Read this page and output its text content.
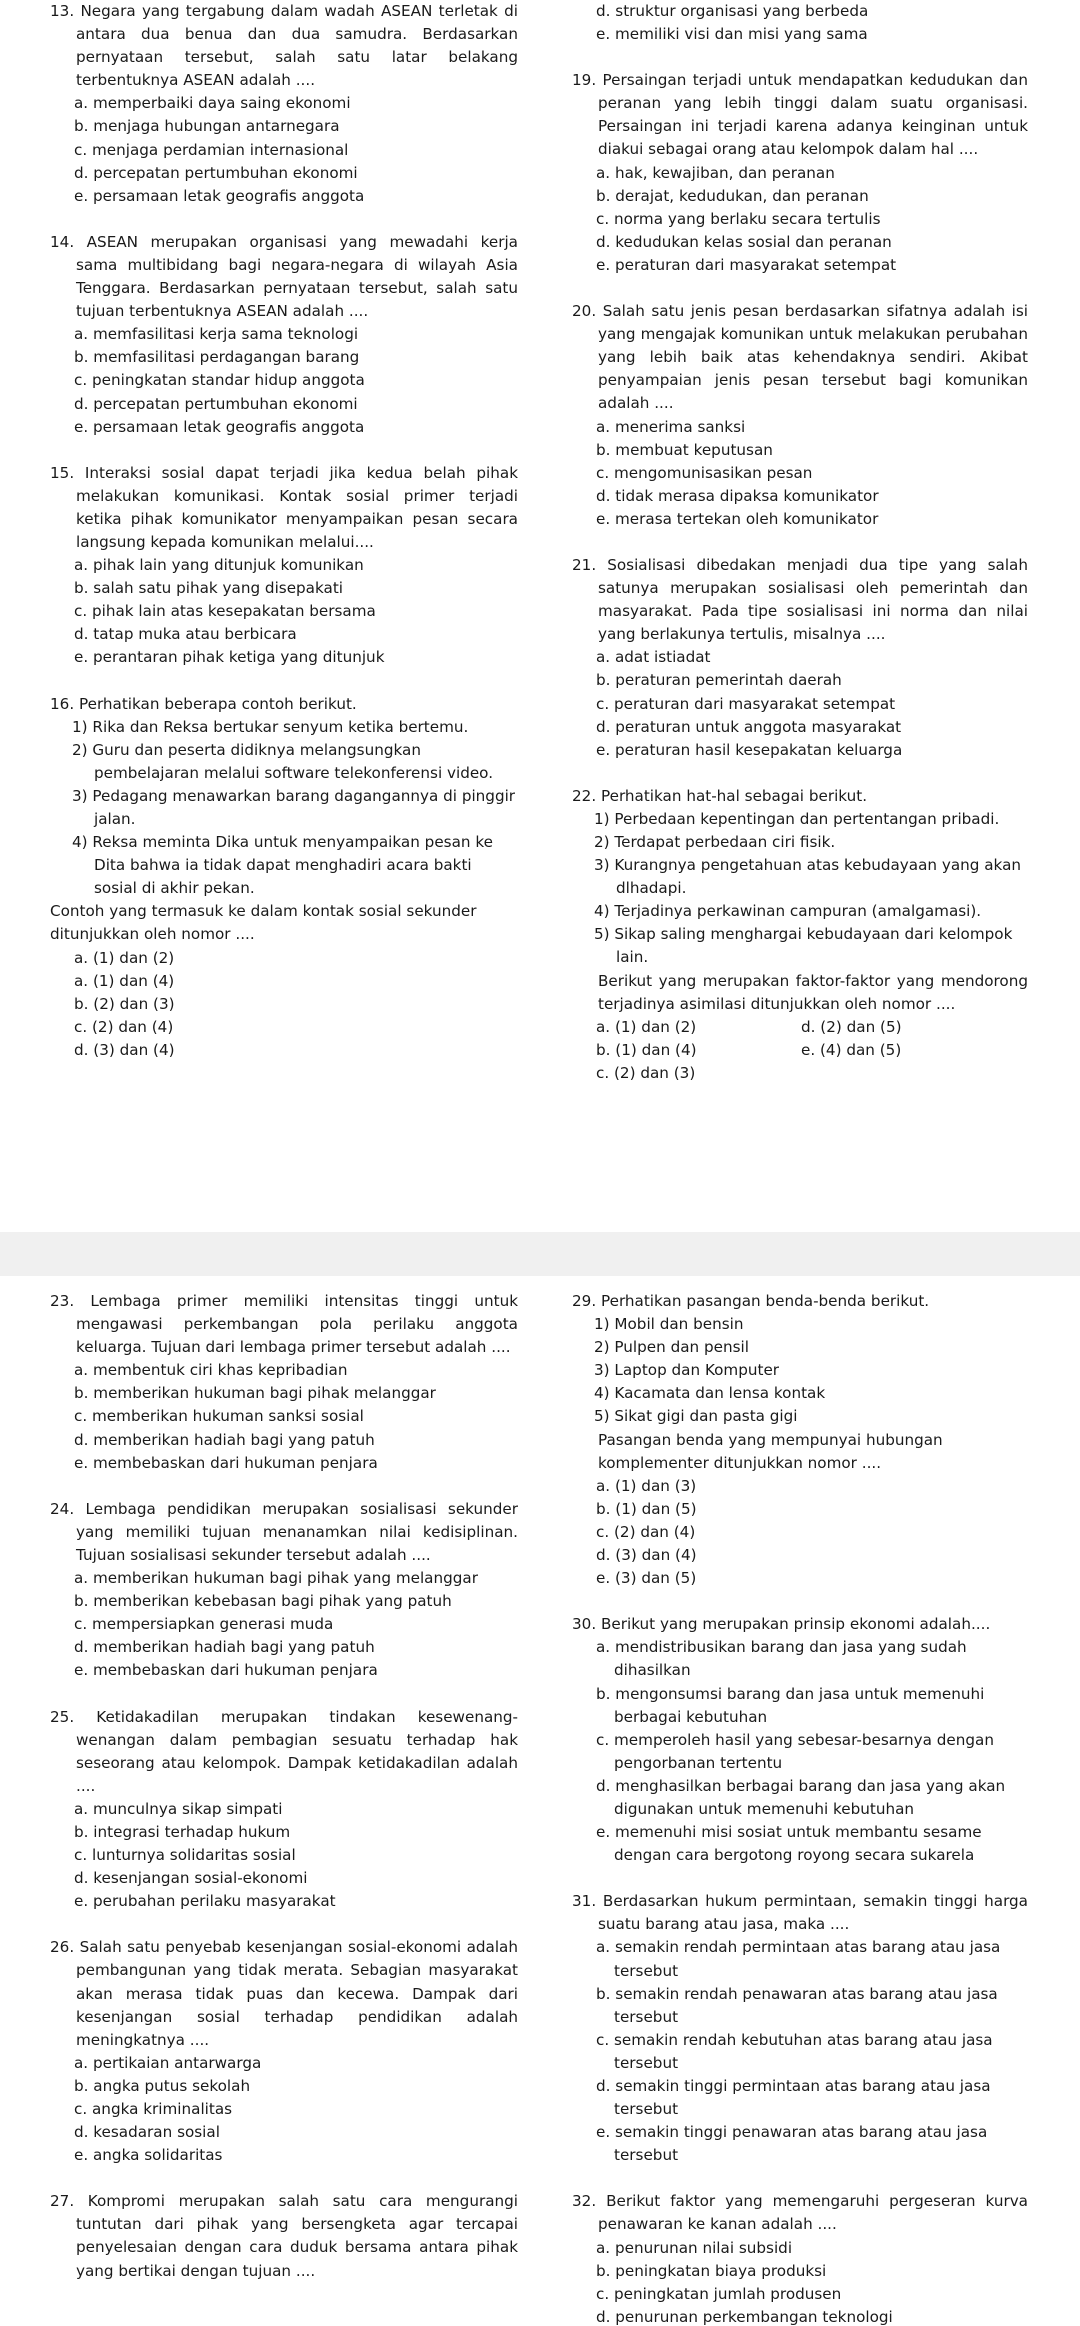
13. Negara yang tergabung dalam wadah ASEAN terletak di antara dua benua dan dua samudra. Berdasarkan pernyataan tersebut, salah satu latar belakang terbentuknya ASEAN adalah ....
a. memperbaiki daya saing ekonomi
b. menjaga hubungan antarnegara
c. menjaga perdamian internasional
d. percepatan pertumbuhan ekonomi
e. persamaan letak geografis anggota
14. ASEAN merupakan organisasi yang mewadahi kerja sama multibidang bagi negara-negara di wilayah Asia Tenggara. Berdasarkan pernyataan tersebut, salah satu tujuan terbentuknya ASEAN adalah ....
a. memfasilitasi kerja sama teknologi
b. memfasilitasi perdagangan barang
c. peningkatan standar hidup anggota
d. percepatan pertumbuhan ekonomi
e. persamaan letak geografis anggota
15. Interaksi sosial dapat terjadi jika kedua belah pihak melakukan komunikasi. Kontak sosial primer terjadi ketika pihak komunikator menyampaikan pesan secara langsung kepada komunikan melalui....
a. pihak lain yang ditunjuk komunikan
b. salah satu pihak yang disepakati
c. pihak lain atas kesepakatan bersama
d. tatap muka atau berbicara
e. perantaran pihak ketiga yang ditunjuk
16. Perhatikan beberapa contoh berikut.
1) Rika dan Reksa bertukar senyum ketika bertemu.
2) Guru dan peserta didiknya melangsungkan pembelajaran melalui software telekonferensi video.
3) Pedagang menawarkan barang dagangannya di pinggir jalan.
4) Reksa meminta Dika untuk menyampaikan pesan ke Dita bahwa ia tidak dapat menghadiri acara bakti sosial di akhir pekan.
Contoh yang termasuk ke dalam kontak sosial sekunder ditunjukkan oleh nomor ....
a. (1) dan (2)
a. (1) dan (4)
b. (2) dan (3)
c. (2) dan (4)
d. (3) dan (4)
d. struktur organisasi yang berbeda
e. memiliki visi dan misi yang sama
19. Persaingan terjadi untuk mendapatkan kedudukan dan peranan yang lebih tinggi dalam suatu organisasi. Persaingan ini terjadi karena adanya keinginan untuk diakui sebagai orang atau kelompok dalam hal ....
a. hak, kewajiban, dan peranan
b. derajat, kedudukan, dan peranan
c. norma yang berlaku secara tertulis
d. kedudukan kelas sosial dan peranan
e. peraturan dari masyarakat setempat
20. Salah satu jenis pesan berdasarkan sifatnya adalah isi yang mengajak komunikan untuk melakukan perubahan yang lebih baik atas kehendaknya sendiri. Akibat penyampaian jenis pesan tersebut bagi komunikan adalah ....
a. menerima sanksi
b. membuat keputusan
c. mengomunisasikan pesan
d. tidak merasa dipaksa komunikator
e. merasa tertekan oleh komunikator
21. Sosialisasi dibedakan menjadi dua tipe yang salah satunya merupakan sosialisasi oleh pemerintah dan masyarakat. Pada tipe sosialisasi ini norma dan nilai yang berlakunya tertulis, misalnya ....
a. adat istiadat
b. peraturan pemerintah daerah
c. peraturan dari masyarakat setempat
d. peraturan untuk anggota masyarakat
e. peraturan hasil kesepakatan keluarga
22. Perhatikan hat-hal sebagai berikut.
1) Perbedaan kepentingan dan pertentangan pribadi.
2) Terdapat perbedaan ciri fisik.
3) Kurangnya pengetahuan atas kebudayaan yang akan dlhadapi.
4) Terjadinya perkawinan campuran (amalgamasi).
5) Sikap saling menghargai kebudayaan dari kelompok lain.
Berikut yang merupakan faktor-faktor yang mendorong terjadinya asimilasi ditunjukkan oleh nomor ....
a. (1) dan (2)	d. (2) dan (5)
b. (1) dan (4)	e. (4) dan (5)
c. (2) dan (3)
23. Lembaga primer memiliki intensitas tinggi untuk mengawasi perkembangan pola perilaku anggota keluarga. Tujuan dari lembaga primer tersebut adalah ....
a. membentuk ciri khas kepribadian
b. memberikan hukuman bagi pihak melanggar
c. memberikan hukuman sanksi sosial
d. memberikan hadiah bagi yang patuh
e. membebaskan dari hukuman penjara
24. Lembaga pendidikan merupakan sosialisasi sekunder yang memiliki tujuan menanamkan nilai kedisiplinan. Tujuan sosialisasi sekunder tersebut adalah ....
a. memberikan hukuman bagi pihak yang melanggar
b. memberikan kebebasan bagi pihak yang patuh
c. mempersiapkan generasi muda
d. memberikan hadiah bagi yang patuh
e. membebaskan dari hukuman penjara
25. Ketidakadilan merupakan tindakan kesewenang-wenangan dalam pembagian sesuatu terhadap hak seseorang atau kelompok. Dampak ketidakadilan adalah ....
a. munculnya sikap simpati
b. integrasi terhadap hukum
c. lunturnya solidaritas sosial
d. kesenjangan sosial-ekonomi
e. perubahan perilaku masyarakat
26. Salah satu penyebab kesenjangan sosial-ekonomi adalah pembangunan yang tidak merata. Sebagian masyarakat akan merasa tidak puas dan kecewa. Dampak dari kesenjangan sosial terhadap pendidikan adalah meningkatnya ....
a. pertikaian antarwarga
b. angka putus sekolah
c. angka kriminalitas
d. kesadaran sosial
e. angka solidaritas
27. Kompromi merupakan salah satu cara mengurangi tuntutan dari pihak yang bersengketa agar tercapai penyelesaian dengan cara duduk bersama antara pihak yang bertikai dengan tujuan ....
29. Perhatikan pasangan benda-benda berikut.
1) Mobil dan bensin
2) Pulpen dan pensil
3) Laptop dan Komputer
4) Kacamata dan lensa kontak
5) Sikat gigi dan pasta gigi
Pasangan benda yang mempunyai hubungan komplementer ditunjukkan nomor ....
a. (1) dan (3)
b. (1) dan (5)
c. (2) dan (4)
d. (3) dan (4)
e. (3) dan (5)
30. Berikut yang merupakan prinsip ekonomi adalah....
a. mendistribusikan barang dan jasa yang sudah dihasilkan
b. mengonsumsi barang dan jasa untuk memenuhi berbagai kebutuhan
c. memperoleh hasil yang sebesar-besarnya dengan pengorbanan tertentu
d. menghasilkan berbagai barang dan jasa yang akan digunakan untuk memenuhi kebutuhan
e. memenuhi misi sosiat untuk membantu sesame dengan cara bergotong royong secara sukarela
31. Berdasarkan hukum permintaan, semakin tinggi harga suatu barang atau jasa, maka ....
a. semakin rendah permintaan atas barang atau jasa tersebut
b. semakin rendah penawaran atas barang atau jasa tersebut
c. semakin rendah kebutuhan atas barang atau jasa tersebut
d. semakin tinggi permintaan atas barang atau jasa tersebut
e. semakin tinggi penawaran atas barang atau jasa tersebut
32. Berikut faktor yang memengaruhi pergeseran kurva penawaran ke kanan adalah ....
a. penurunan nilai subsidi
b. peningkatan biaya produksi
c. peningkatan jumlah produsen
d. penurunan perkembangan teknologi
